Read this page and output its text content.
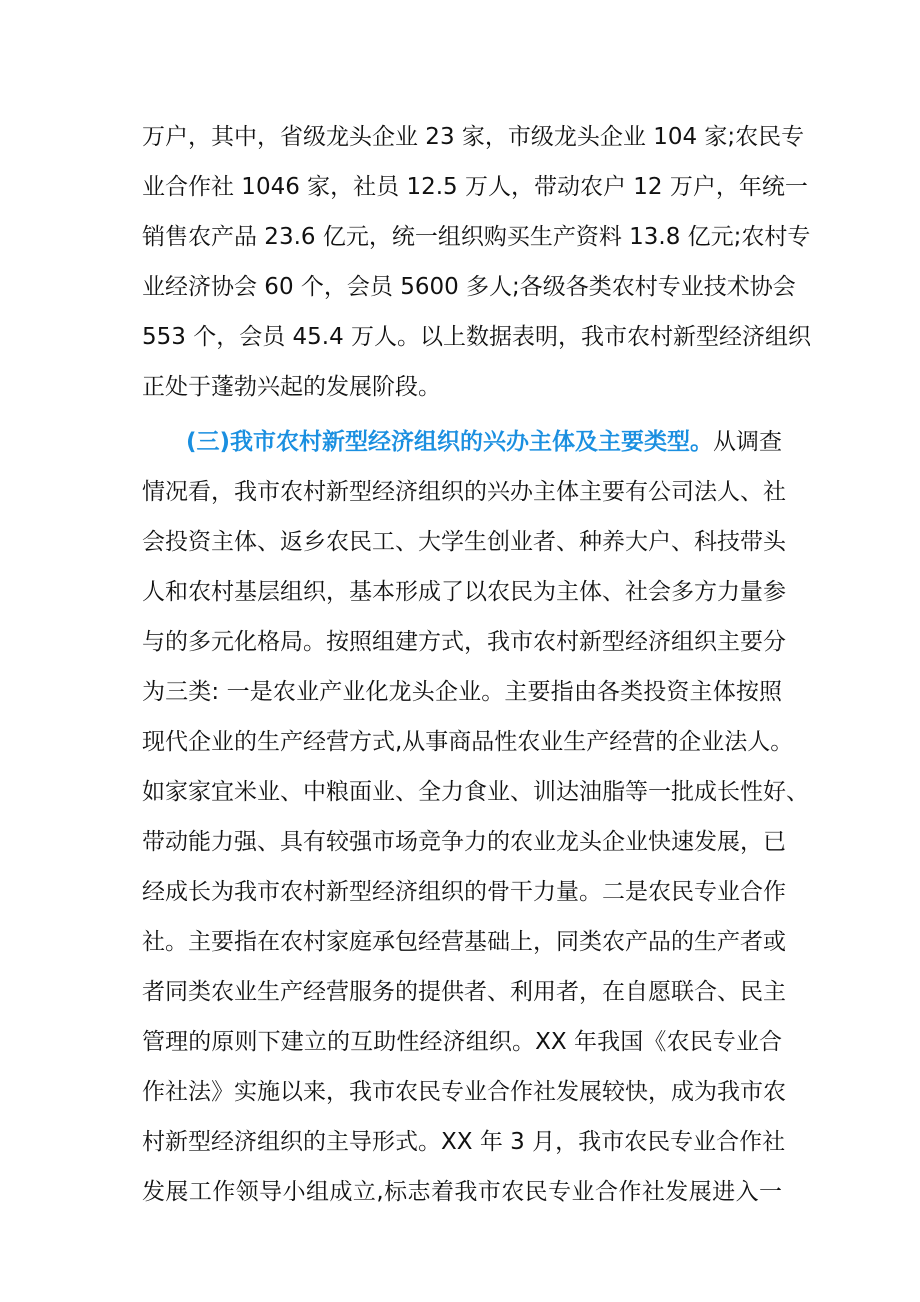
万户，其中，省级龙头企业 23 家，市级龙头企业 104 家;农民专
业合作社 1046 家，社员 12.5 万人，带动农户 12 万户，年统一
销售农产品 23.6 亿元，统一组织购买生产资料 13.8 亿元;农村专
业经济协会 60 个，会员 5600 多人;各级各类农村专业技术协会
553 个，会员 45.4 万人。以上数据表明，我市农村新型经济组织
正处于蓬勃兴起的发展阶段。
(三)我市农村新型经济组织的兴办主体及主要类型。从调查
情况看，我市农村新型经济组织的兴办主体主要有公司法人、社
会投资主体、返乡农民工、大学生创业者、种养大户、科技带头
人和农村基层组织，基本形成了以农民为主体、社会多方力量参
与的多元化格局。按照组建方式，我市农村新型经济组织主要分
为三类: 一是农业产业化龙头企业。主要指由各类投资主体按照
现代企业的生产经营方式,从事商品性农业生产经营的企业法人。
如家家宜米业、中粮面业、全力食业、训达油脂等一批成长性好、
带动能力强、具有较强市场竞争力的农业龙头企业快速发展，已
经成长为我市农村新型经济组织的骨干力量。二是农民专业合作
社。主要指在农村家庭承包经营基础上，同类农产品的生产者或
者同类农业生产经营服务的提供者、利用者，在自愿联合、民主
管理的原则下建立的互助性经济组织。XX 年我国《农民专业合
作社法》实施以来，我市农民专业合作社发展较快，成为我市农
村新型经济组织的主导形式。XX 年 3 月，我市农民专业合作社
发展工作领导小组成立,标志着我市农民专业合作社发展进入一
